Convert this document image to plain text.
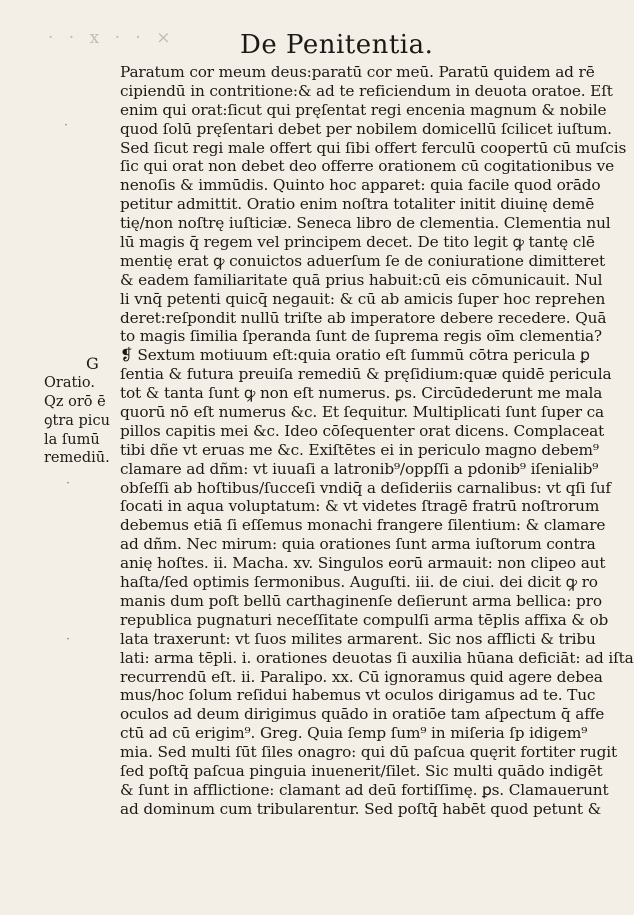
· · x · · × De Penitentia.
G
Oratio.
Qz orō ē
ꝯtra picu
la ſumū
remediū.
Paratum cor meum deus:paratū cor meū. Paratū quidem ad rē
cipiendū in contritione:& ad te reficiendum in deuota oratoe. Eſt
enim qui orat:ſicut qui pręſentat regi encenia magnum & nobile
quod ſolū pręſentari debet per nobilem domicellū ſcilicet iuſtum.
Sed ſicut regi male offert qui ſibi offert ferculū coopertū cū muſcis
ſic qui orat non debet deo offerre orationem cū cogitationibus ve
nenoſis & immūdis. Quinto hoc apparet: quia facile quod orādo
petitur admittit. Oratio enim noſtra totaliter initit diuinę demē
tię/non noſtrę iuſticiæ. Seneca libro de clementia. Clementia nul
lū magis q̄ regem vel principem decet. De tito legit ꝙ tantę clē
mentię erat ꝙ conuictos aduerſum ſe de coniuratione dimitteret
& eadem familiaritate quā prius habuit:cū eis cōmunicauit. Nul
li vnq̄ petenti quicq̄ negauit: & cū ab amicis ſuper hoc reprehen
deret:reſpondit nullū triſte ab imperatore debere recedere. Quā
to magis ſimilia ſperanda ſunt de ſuprema regis oīm clementia?
❡ Sextum motiuum eſt:quia oratio eſt ſummū cōtra pericula ꝑ
ſentia & futura preuiſa remediū & pręſidium:quæ quidē pericula
tot & tanta ſunt ꝙ non eſt numerus. ꝑs. Circūdederunt me mala
quorū nō eſt numerus &c. Et ſequitur. Multiplicati ſunt ſuper ca
pillos capitis mei &c. Ideo cōſequenter orat dicens. Complaceat
tibi dñe vt eruas me &c. Exiſtētes ei in periculo magno debem⁹
clamare ad dñm: vt iuuaſi a latronib⁹/oppſſi a pdonib⁹ iſenialib⁹
obſeſſi ab hoſtibus/ſucceſi vndiq̄ a deſideriis carnalibus: vt qſi ſuf
ſocati in aqua voluptatum: & vt videtes ſtragē fratrū noſtrorum
debemus etiā ſi eſſemus monachi frangere ſilentium: & clamare
ad dñm. Nec mirum: quia orationes ſunt arma iuſtorum contra
anię hoſtes. ii. Macha. xv. Singulos eorū armauit: non clipeo aut
haſta/ſed optimis ſermonibus. Auguſti. iii. de ciui. dei dicit ꝙ ro
manis dum poſt bellū carthaginenſe deſierunt arma bellica: pro
republica pugnaturi neceſſitate compulſi arma tēplis affixa & ob
lata traxerunt: vt ſuos milites armarent. Sic nos afflicti & tribu
lati: arma tēpli. i. orationes deuotas ſi auxilia hūana deficiāt: ad iſta
recurrendū eſt. ii. Paralipo. xx. Cū ignoramus quid agere debea
mus/hoc ſolum reſidui habemus vt oculos dirigamus ad te. Tuc
oculos ad deum dirigimus quādo in oratiōe tam aſpectum q̄ affe
ctū ad cū erigim⁹. Greg. Quia ſemp ſum⁹ in miſeria ſp idigem⁹
mia. Sed multi ſūt ſiles onagro: qui dū paſcua quęrit fortiter rugit
ſed poſtq̄ paſcua pinguia inuenerit/ſilet. Sic multi quādo indigēt
& ſunt in afflictione: clamant ad deū fortiſſimę. ꝑs. Clamauerunt
ad dominum cum tribularentur. Sed poſtq̄ habēt quod petunt &
·
·
·
